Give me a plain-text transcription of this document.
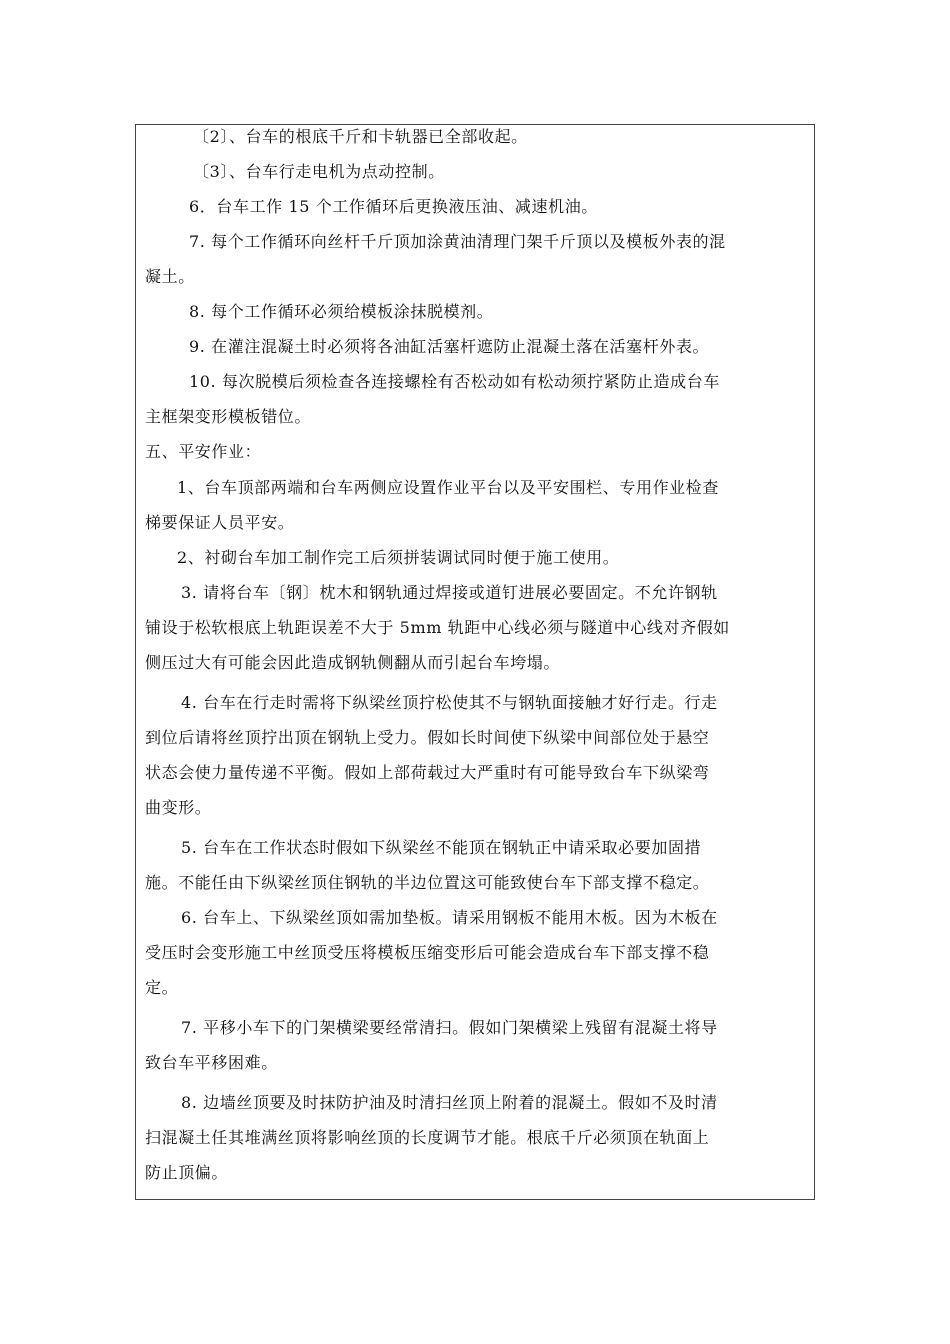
〔2〕、台车的根底千斤和卡轨器已全部收起。
〔3〕、台车行走电机为点动控制。
6．台车工作 15 个工作循环后更换液压油、减速机油。
7. 每个工作循环向丝杆千斤顶加涂黄油清理门架千斤顶以及模板外表的混
凝土。
8. 每个工作循环必须给模板涂抹脱模剂。
9. 在灌注混凝土时必须将各油缸活塞杆遮防止混凝土落在活塞杆外表。
10. 每次脱模后须检查各连接螺栓有否松动如有松动须拧紧防止造成台车
主框架变形模板错位。
五、平安作业：
1、台车顶部两端和台车两侧应设置作业平台以及平安围栏、专用作业检查
梯要保证人员平安。
2、衬砌台车加工制作完工后须拼装调试同时便于施工使用。
3. 请将台车〔钢〕枕木和钢轨通过焊接或道钉进展必要固定。不允许钢轨
铺设于松软根底上轨距误差不大于 5mm 轨距中心线必须与隧道中心线对齐假如
侧压过大有可能会因此造成钢轨侧翻从而引起台车垮塌。
4. 台车在行走时需将下纵梁丝顶拧松使其不与钢轨面接触才好行走。行走
到位后请将丝顶拧出顶在钢轨上受力。假如长时间使下纵梁中间部位处于悬空
状态会使力量传递不平衡。假如上部荷载过大严重时有可能导致台车下纵梁弯
曲变形。
5. 台车在工作状态时假如下纵梁丝不能顶在钢轨正中请采取必要加固措
施。不能任由下纵梁丝顶住钢轨的半边位置这可能致使台车下部支撑不稳定。
6. 台车上、下纵梁丝顶如需加垫板。请采用钢板不能用木板。因为木板在
受压时会变形施工中丝顶受压将模板压缩变形后可能会造成台车下部支撑不稳
定。
7. 平移小车下的门架横梁要经常清扫。假如门架横梁上残留有混凝土将导
致台车平移困难。
8. 边墙丝顶要及时抹防护油及时清扫丝顶上附着的混凝土。假如不及时清
扫混凝土任其堆满丝顶将影响丝顶的长度调节才能。根底千斤必须顶在轨面上
防止顶偏。
